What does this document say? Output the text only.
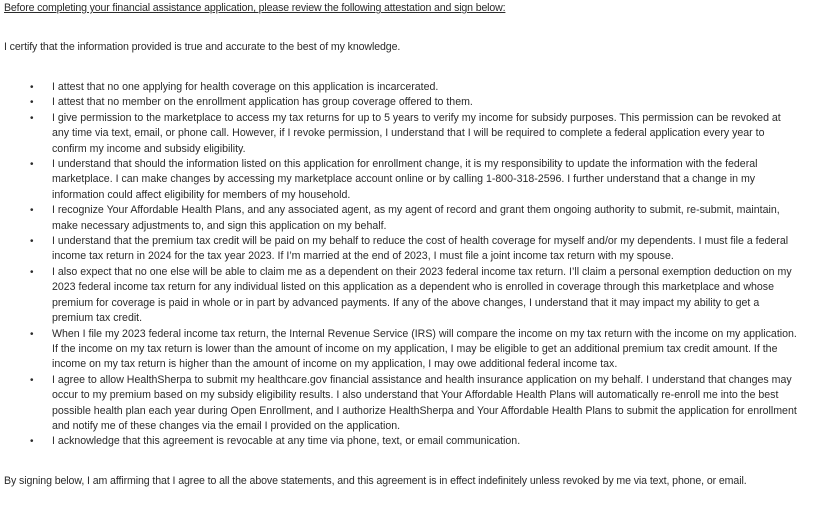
Before completing your financial assistance application, please review the following attestation and sign below:
I certify that the information provided is true and accurate to the best of my knowledge.
• I attest that no one applying for health coverage on this application is incarcerated.
• I attest that no member on the enrollment application has group coverage offered to them.
• I give permission to the marketplace to access my tax returns for up to 5 years to verify my income for subsidy purposes. This permission can be revoked at any time via text, email, or phone call. However, if I revoke permission, I understand that I will be required to complete a federal application every year to confirm my income and subsidy eligibility.
• I understand that should the information listed on this application for enrollment change, it is my responsibility to update the information with the federal marketplace. I can make changes by accessing my marketplace account online or by calling 1-800-318-2596. I further understand that a change in my information could affect eligibility for members of my household.
• I recognize Your Affordable Health Plans, and any associated agent, as my agent of record and grant them ongoing authority to submit, re-submit, maintain, make necessary adjustments to, and sign this application on my behalf.
• I understand that the premium tax credit will be paid on my behalf to reduce the cost of health coverage for myself and/or my dependents. I must file a federal income tax return in 2024 for the tax year 2023. If I’m married at the end of 2023, I must file a joint income tax return with my spouse.
• I also expect that no one else will be able to claim me as a dependent on their 2023 federal income tax return. I’ll claim a personal exemption deduction on my 2023 federal income tax return for any individual listed on this application as a dependent who is enrolled in coverage through this marketplace and whose premium for coverage is paid in whole or in part by advanced payments. If any of the above changes, I understand that it may impact my ability to get a premium tax credit.
• When I file my 2023 federal income tax return, the Internal Revenue Service (IRS) will compare the income on my tax return with the income on my application. If the income on my tax return is lower than the amount of income on my application, I may be eligible to get an additional premium tax credit amount. If the income on my tax return is higher than the amount of income on my application, I may owe additional federal income tax.
• I agree to allow HealthSherpa to submit my healthcare.gov financial assistance and health insurance application on my behalf. I understand that changes may occur to my premium based on my subsidy eligibility results. I also understand that Your Affordable Health Plans will automatically re-enroll me into the best possible health plan each year during Open Enrollment, and I authorize HealthSherpa and Your Affordable Health Plans to submit the application for enrollment and notify me of these changes via the email I provided on the application.
• I acknowledge that this agreement is revocable at any time via phone, text, or email communication.
By signing below, I am affirming that I agree to all the above statements, and this agreement is in effect indefinitely unless revoked by me via text, phone, or email.
